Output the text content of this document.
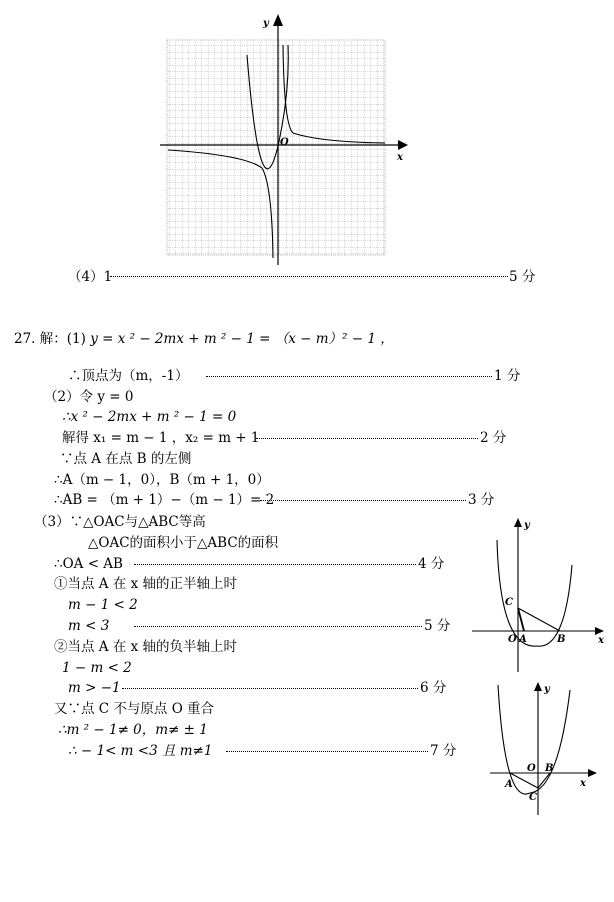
x
y
O
（4）1	5 分
27. 解：(1) y = x ² − 2mx + m ² − 1 = （x − m）² − 1 ，
∴顶点为（m，-1）	1 分
（2）令 y = 0
∴x ² − 2mx + m ² − 1 = 0
解得 x₁ = m − 1 ，x₂ = m + 1	2 分
∵点 A 在点 B 的左侧
∴A（m − 1，0），B（m + 1，0）
∴AB = （m + 1）−（m − 1）= 2	3 分
（3）∵△OAC与△ABC等高
△OAC的面积小于△ABC的面积
∴OA < AB	4 分
①当点 A 在 x 轴的正半轴上时
m − 1 < 2
m < 3	5 分
②当点 A 在 x 轴的负半轴上时
1 − m < 2
m > −1	6 分
又∵点 C 不与原点 O 重合
∴m ² − 1≠ 0，m≠ ± 1
∴ − 1< m <3 且 m≠1	7 分
x
y
C
O A	B
x
y
A
O B
C
